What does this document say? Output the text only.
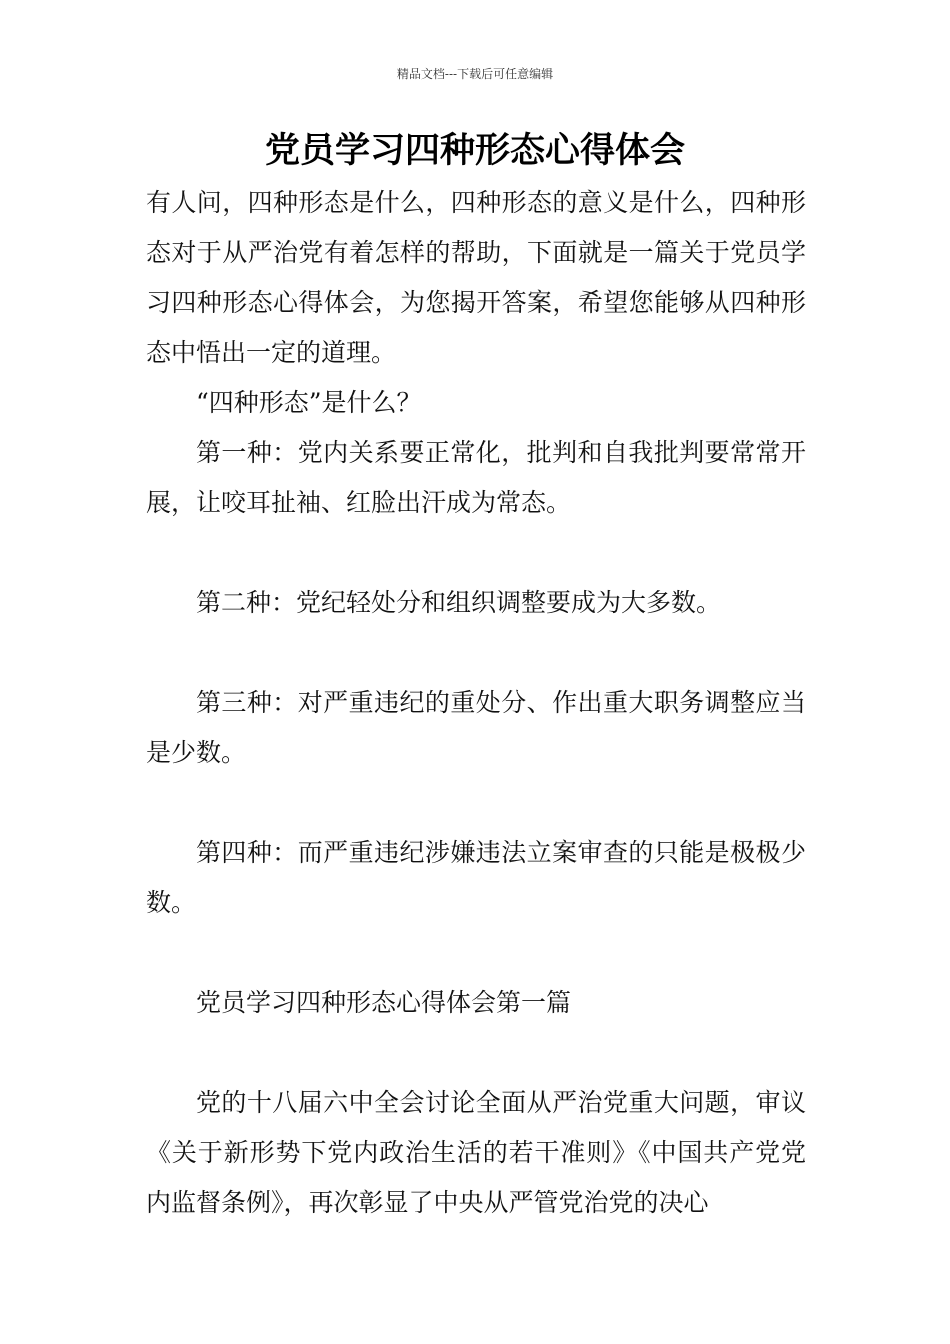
精品文档---下载后可任意编辑
党员学习四种形态心得体会

有人问，四种形态是什么，四种形态的意义是什么，四种形态对于从严治党有着怎样的帮助，下面就是一篇关于党员学习四种形态心得体会，为您揭开答案，希望您能够从四种形态中悟出一定的道理。

“四种形态”是什么？

第一种：党内关系要正常化，批判和自我批判要常常开展，让咬耳扯袖、红脸出汗成为常态。

第二种：党纪轻处分和组织调整要成为大多数。

第三种：对严重违纪的重处分、作出重大职务调整应当是少数。

第四种：而严重违纪涉嫌违法立案审查的只能是极极少数。

党员学习四种形态心得体会第一篇

党的十八届六中全会讨论全面从严治党重大问题，审议《关于新形势下党内政治生活的若干准则》《中国共产党党内监督条例》，再次彰显了中央从严管党治党的决心
